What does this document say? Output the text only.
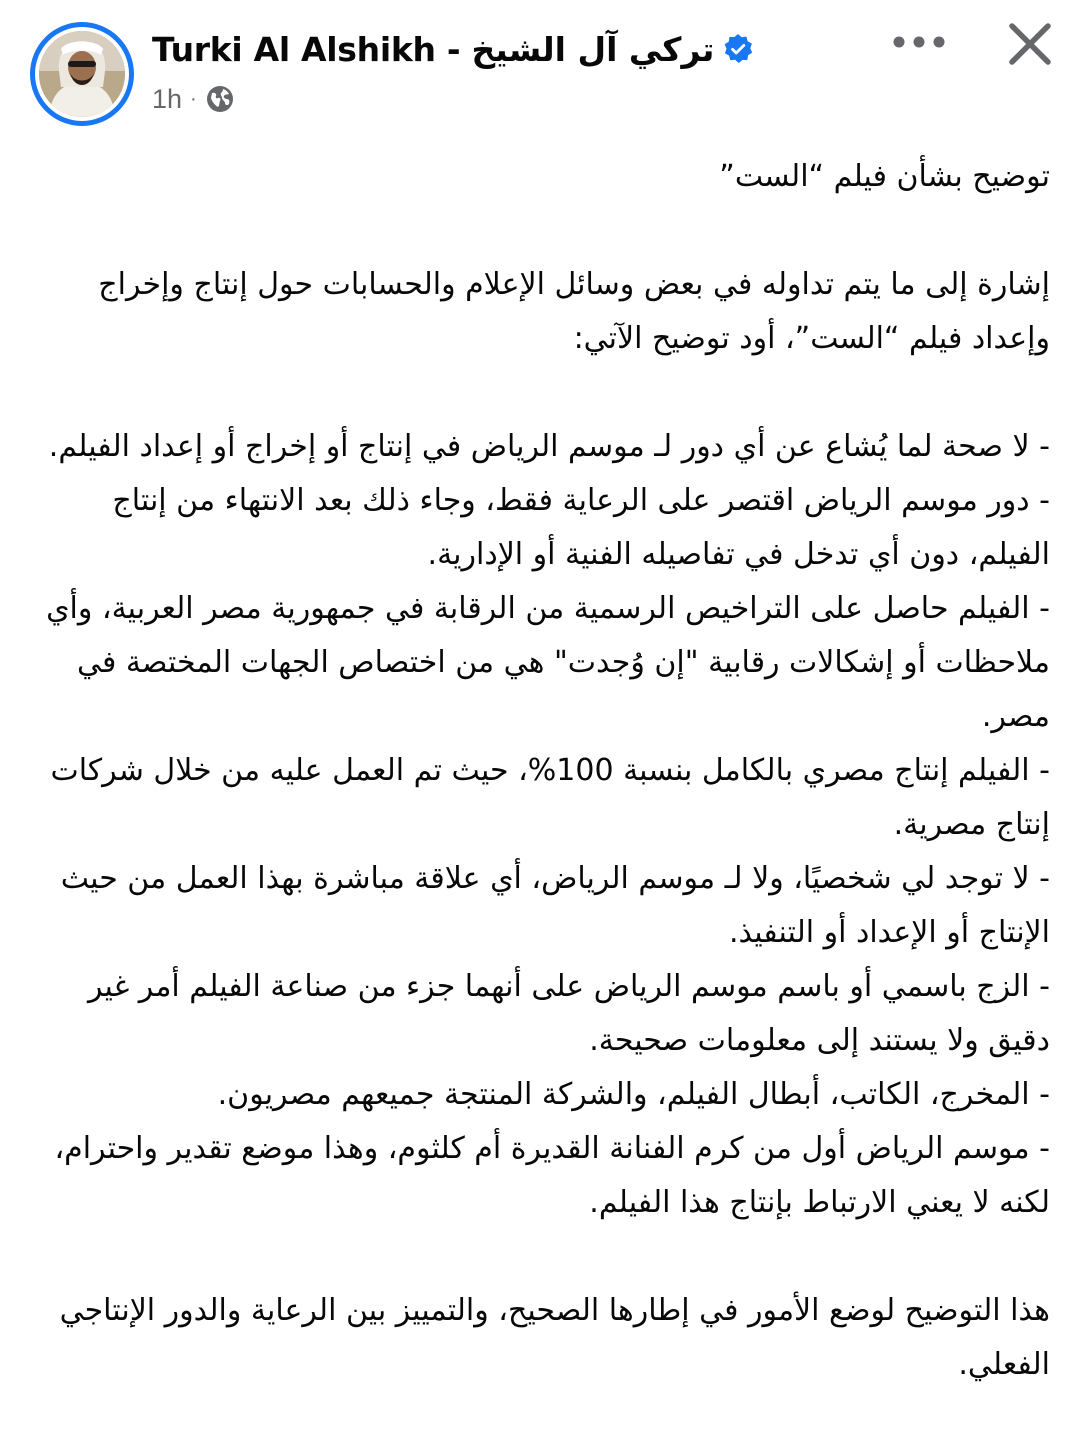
Turki Al Alshikh - تركي آل الشيخ
1h ·

توضيح بشأن فيلم “الست”

إشارة إلى ما يتم تداوله في بعض وسائل الإعلام والحسابات حول إنتاج وإخراج وإعداد فيلم “الست”، أود توضيح الآتي:

- لا صحة لما يُشاع عن أي دور لـ موسم الرياض في إنتاج أو إخراج أو إعداد الفيلم.

- دور موسم الرياض اقتصر على الرعاية فقط، وجاء ذلك بعد الانتهاء من إنتاج الفيلم، دون أي تدخل في تفاصيله الفنية أو الإدارية.

- الفيلم حاصل على التراخيص الرسمية من الرقابة في جمهورية مصر العربية، وأي ملاحظات أو إشكالات رقابية "إن وُجدت" هي من اختصاص الجهات المختصة في مصر.

- الفيلم إنتاج مصري بالكامل بنسبة 100%، حيث تم العمل عليه من خلال شركات إنتاج مصرية.

- لا توجد لي شخصيًا، ولا لـ موسم الرياض، أي علاقة مباشرة بهذا العمل من حيث الإنتاج أو الإعداد أو التنفيذ.

- الزج باسمي أو باسم موسم الرياض على أنهما جزء من صناعة الفيلم أمر غير دقيق ولا يستند إلى معلومات صحيحة.

- المخرج، الكاتب، أبطال الفيلم، والشركة المنتجة جميعهم مصريون.

- موسم الرياض أول من كرم الفنانة القديرة أم كلثوم، وهذا موضع تقدير واحترام، لكنه لا يعني الارتباط بإنتاج هذا الفيلم.

هذا التوضيح لوضع الأمور في إطارها الصحيح، والتمييز بين الرعاية والدور الإنتاجي الفعلي.
